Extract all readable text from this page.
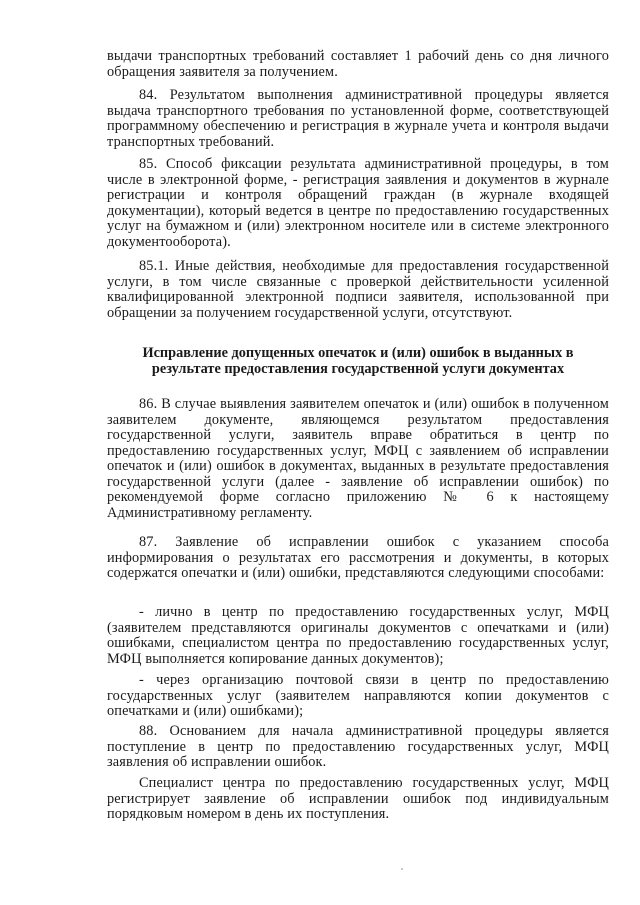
выдачи транспортных требований составляет 1 рабочий день со дня личного обращения заявителя за получением.

84. Результатом выполнения административной процедуры является выдача транспортного требования по установленной форме, соответствующей программному обеспечению и регистрация в журнале учета и контроля выдачи транспортных требований.

85. Способ фиксации результата административной процедуры, в том числе в электронной форме, - регистрация заявления и документов в журнале регистрации и контроля обращений граждан (в журнале входящей документации), который ведется в центре по предоставлению государственных услуг на бумажном и (или) электронном носителе или в системе электронного документооборота).

85.1. Иные действия, необходимые для предоставления государственной услуги, в том числе связанные с проверкой действительности усиленной квалифицированной электронной подписи заявителя, использованной при обращении за получением государственной услуги, отсутствуют.

Исправление допущенных опечаток и (или) ошибок в выданных в результате предоставления государственной услуги документах

86. В случае выявления заявителем опечаток и (или) ошибок в полученном заявителем документе, являющемся результатом предоставления государственной услуги, заявитель вправе обратиться в центр по предоставлению государственных услуг, МФЦ с заявлением об исправлении опечаток и (или) ошибок в документах, выданных в результате предоставления государственной услуги (далее - заявление об исправлении ошибок) по рекомендуемой форме согласно приложению № 6 к настоящему Административному регламенту.

87. Заявление об исправлении ошибок с указанием способа информирования о результатах его рассмотрения и документы, в которых содержатся опечатки и (или) ошибки, представляются следующими способами:

- лично в центр по предоставлению государственных услуг, МФЦ (заявителем представляются оригиналы документов с опечатками и (или) ошибками, специалистом центра по предоставлению государственных услуг, МФЦ выполняется копирование данных документов);

- через организацию почтовой связи в центр по предоставлению государственных услуг (заявителем направляются копии документов с опечатками и (или) ошибками);

88. Основанием для начала административной процедуры является поступление в центр по предоставлению государственных услуг, МФЦ заявления об исправлении ошибок.

Специалист центра по предоставлению государственных услуг, МФЦ регистрирует заявление об исправлении ошибок под индивидуальным порядковым номером в день их поступления.
